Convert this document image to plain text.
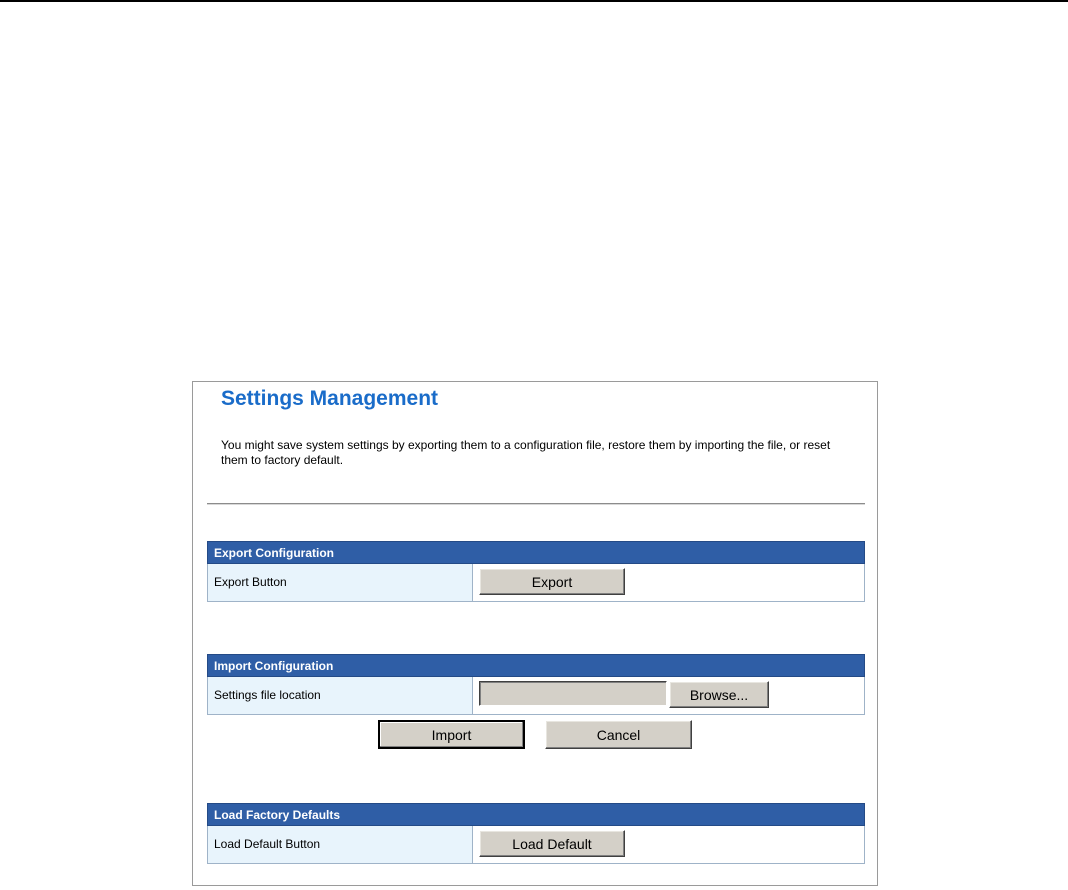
Settings Management
You might save system settings by exporting them to a configuration file, restore them by importing the file, or reset them to factory default.
Export Configuration
Export Button	Export
Import Configuration
Settings file location	Browse...
Import	Cancel
Load Factory Defaults
Load Default Button	Load Default
